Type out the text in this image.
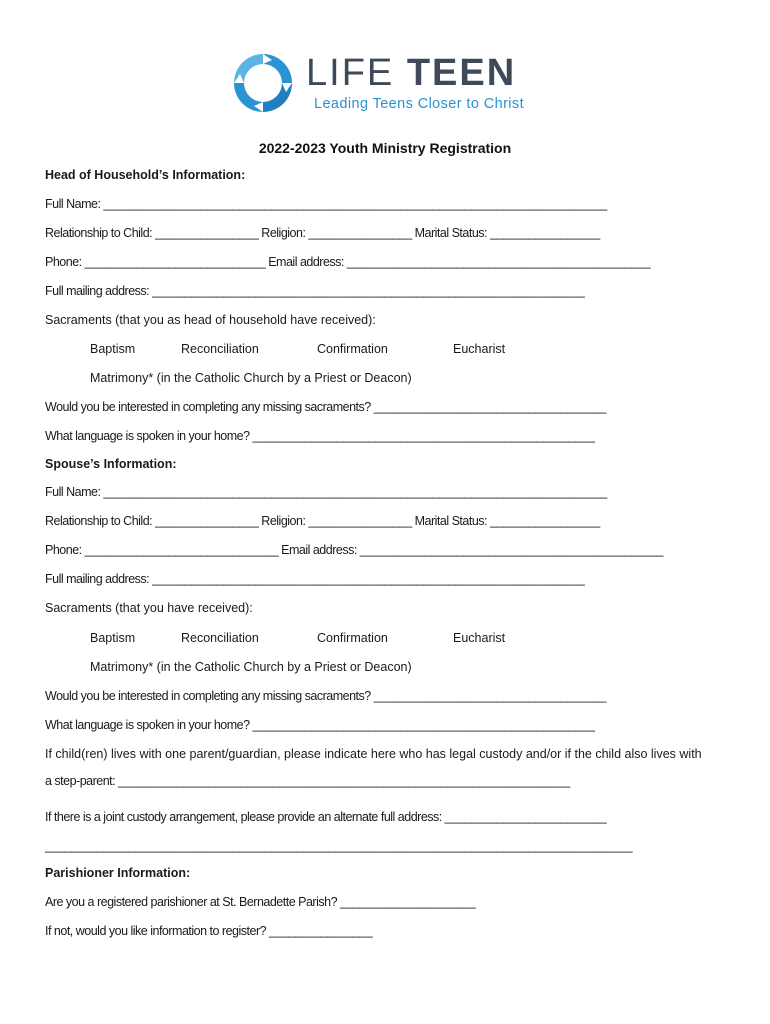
LIFE TEEN
Leading Teens Closer to Christ
2022-2023 Youth Ministry Registration
Head of Household’s Information:
Full Name: ______________________________________________________________________________
Relationship to Child: ________________ Religion: ________________ Marital Status: _________________
Phone: ____________________________ Email address: _______________________________________________
Full mailing address: ___________________________________________________________________
Sacraments (that you as head of household have received):
Baptism	Reconciliation	Confirmation	Eucharist
Matrimony* (in the Catholic Church by a Priest or Deacon)
Would you be interested in completing any missing sacraments? ____________________________________
What language is spoken in your home? _____________________________________________________
Spouse’s Information:
Full Name: ______________________________________________________________________________
Relationship to Child: ________________ Religion: ________________ Marital Status: _________________
Phone: ______________________________ Email address: _______________________________________________
Full mailing address: ___________________________________________________________________
Sacraments (that you have received):
Baptism	Reconciliation	Confirmation	Eucharist
Matrimony* (in the Catholic Church by a Priest or Deacon)
Would you be interested in completing any missing sacraments? ____________________________________
What language is spoken in your home? _____________________________________________________
If child(ren) lives with one parent/guardian, please indicate here who has legal custody and/or if the child also lives with
a step-parent: ______________________________________________________________________
If there is a joint custody arrangement, please provide an alternate full address: _________________________
___________________________________________________________________________________________
Parishioner Information:
Are you a registered parishioner at St. Bernadette Parish? _____________________
If not, would you like information to register? ________________
